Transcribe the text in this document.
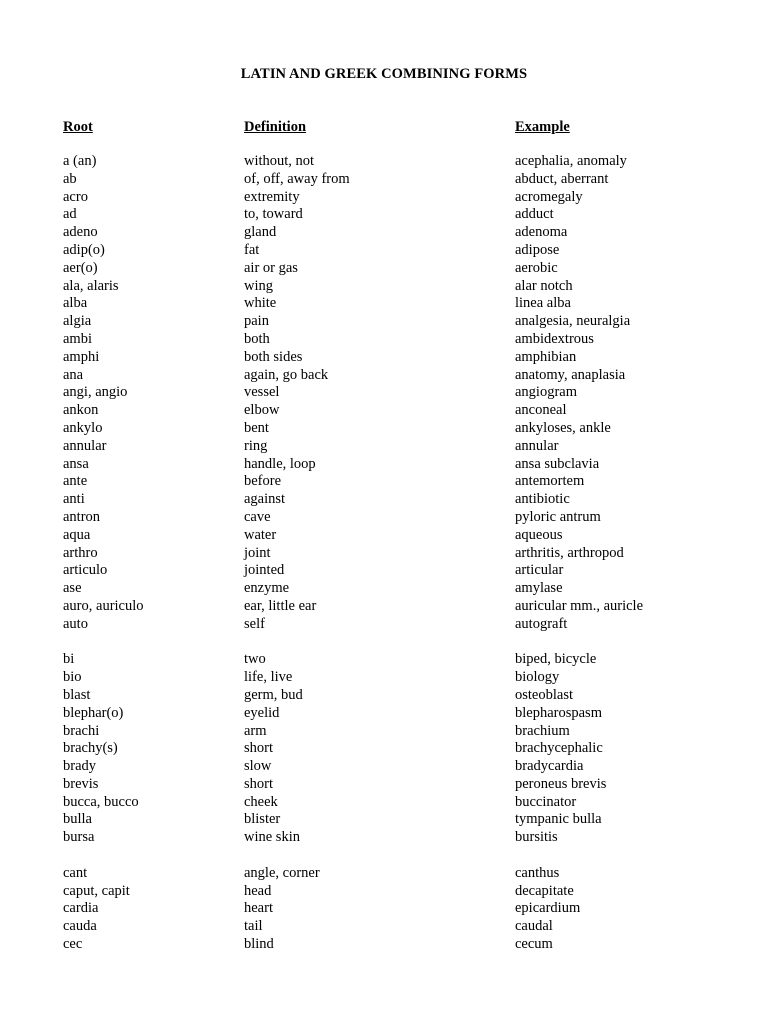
LATIN AND GREEK COMBINING FORMS
Root	Definition	Example
a (an)	without, not	acephalia, anomaly
ab	of, off, away from	abduct, aberrant
acro	extremity	acromegaly
ad	to, toward	adduct
adeno	gland	adenoma
adip(o)	fat	adipose
aer(o)	air or gas	aerobic
ala, alaris	wing	alar notch
alba	white	linea alba
algia	pain	analgesia, neuralgia
ambi	both	ambidextrous
amphi	both sides	amphibian
ana	again, go back	anatomy, anaplasia
angi, angio	vessel	angiogram
ankon	elbow	anconeal
ankylo	bent	ankyloses, ankle
annular	ring	annular
ansa	handle, loop	ansa subclavia
ante	before	antemortem
anti	against	antibiotic
antron	cave	pyloric antrum
aqua	water	aqueous
arthro	joint	arthritis, arthropod
articulo	jointed	articular
ase	enzyme	amylase
auro, auriculo	ear, little ear	auricular mm., auricle
auto	self	autograft
bi	two	biped, bicycle
bio	life, live	biology
blast	germ, bud	osteoblast
blephar(o)	eyelid	blepharospasm
brachi	arm	brachium
brachy(s)	short	brachycephalic
brady	slow	bradycardia
brevis	short	peroneus brevis
bucca, bucco	cheek	buccinator
bulla	blister	tympanic bulla
bursa	wine skin	bursitis
cant	angle, corner	canthus
caput, capit	head	decapitate
cardia	heart	epicardium
cauda	tail	caudal
cec	blind	cecum
